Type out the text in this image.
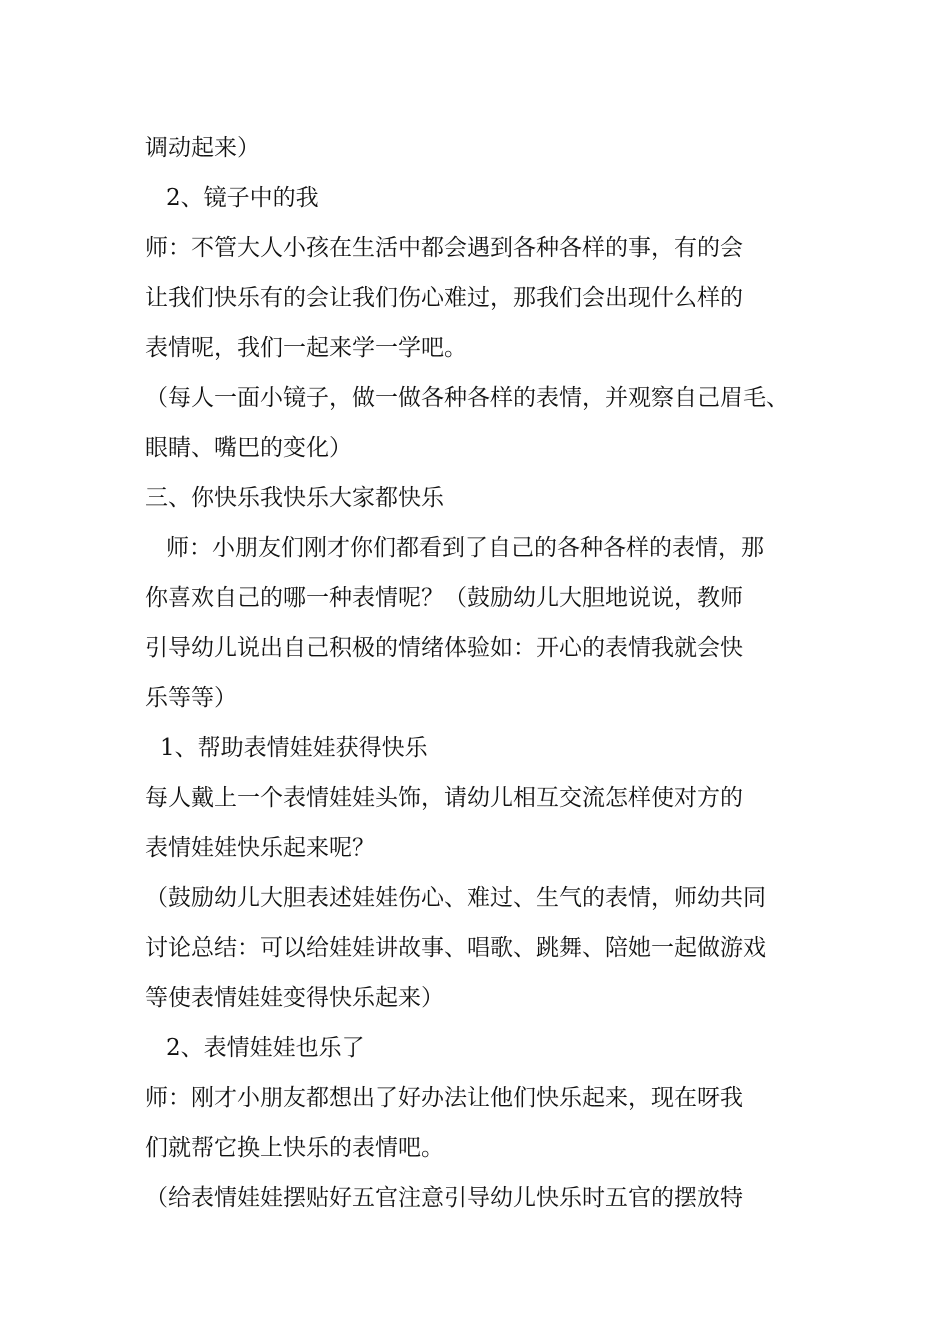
调动起来）
2、镜子中的我
师：不管大人小孩在生活中都会遇到各种各样的事，有的会
让我们快乐有的会让我们伤心难过，那我们会出现什么样的
表情呢，我们一起来学一学吧。
（每人一面小镜子，做一做各种各样的表情，并观察自己眉毛、
眼睛、嘴巴的变化）
三、你快乐我快乐大家都快乐
师：小朋友们刚才你们都看到了自己的各种各样的表情，那
你喜欢自己的哪一种表情呢？（鼓励幼儿大胆地说说，教师
引导幼儿说出自己积极的情绪体验如：开心的表情我就会快
乐等等）
1、帮助表情娃娃获得快乐
每人戴上一个表情娃娃头饰，请幼儿相互交流怎样使对方的
表情娃娃快乐起来呢？
（鼓励幼儿大胆表述娃娃伤心、难过、生气的表情，师幼共同
讨论总结：可以给娃娃讲故事、唱歌、跳舞、陪她一起做游戏
等使表情娃娃变得快乐起来）
2、表情娃娃也乐了
师：刚才小朋友都想出了好办法让他们快乐起来，现在呀我
们就帮它换上快乐的表情吧。
（给表情娃娃摆贴好五官注意引导幼儿快乐时五官的摆放特
